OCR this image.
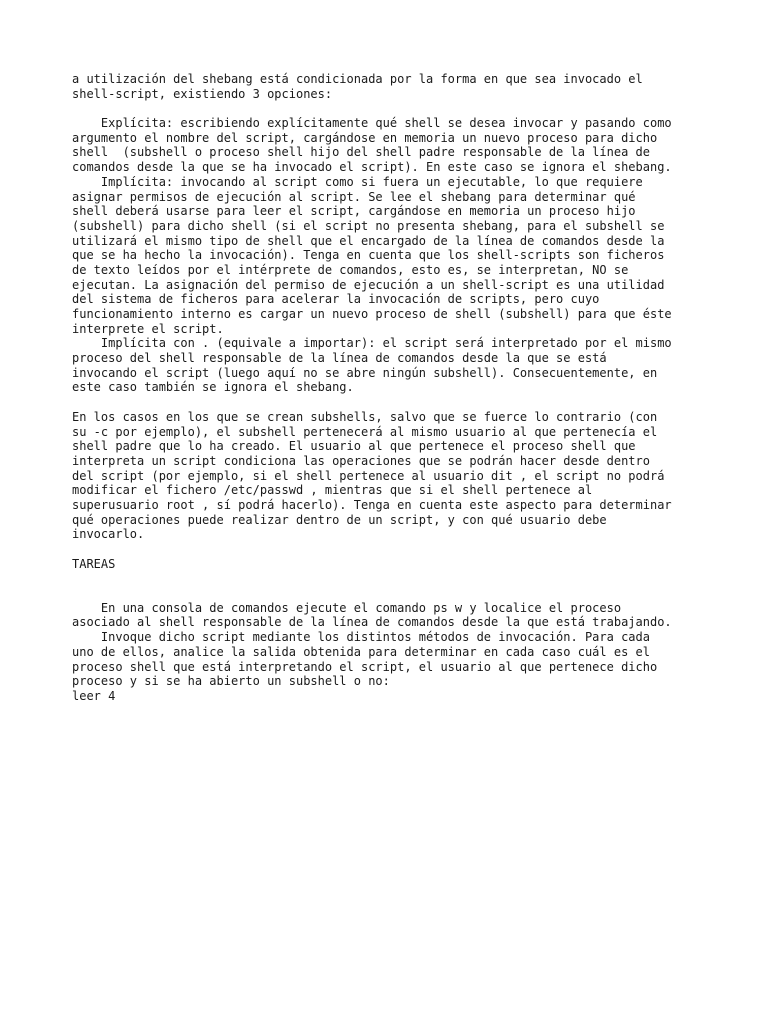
a utilización del shebang está condicionada por la forma en que sea invocado el
shell-script, existiendo 3 opciones:
Explícita: escribiendo explícitamente qué shell se desea invocar y pasando como
argumento el nombre del script, cargándose en memoria un nuevo proceso para dicho
shell  (subshell o proceso shell hijo del shell padre responsable de la línea de
comandos desde la que se ha invocado el script). En este caso se ignora el shebang.
Implícita: invocando al script como si fuera un ejecutable, lo que requiere
asignar permisos de ejecución al script. Se lee el shebang para determinar qué
shell deberá usarse para leer el script, cargándose en memoria un proceso hijo
(subshell) para dicho shell (si el script no presenta shebang, para el subshell se
utilizará el mismo tipo de shell que el encargado de la línea de comandos desde la
que se ha hecho la invocación). Tenga en cuenta que los shell-scripts son ficheros
de texto leídos por el intérprete de comandos, esto es, se interpretan, NO se
ejecutan. La asignación del permiso de ejecución a un shell-script es una utilidad
del sistema de ficheros para acelerar la invocación de scripts, pero cuyo
funcionamiento interno es cargar un nuevo proceso de shell (subshell) para que éste
interprete el script.
Implícita con . (equivale a importar): el script será interpretado por el mismo
proceso del shell responsable de la línea de comandos desde la que se está
invocando el script (luego aquí no se abre ningún subshell). Consecuentemente, en
este caso también se ignora el shebang.
En los casos en los que se crean subshells, salvo que se fuerce lo contrario (con
su -c por ejemplo), el subshell pertenecerá al mismo usuario al que pertenecía el
shell padre que lo ha creado. El usuario al que pertenece el proceso shell que
interpreta un script condiciona las operaciones que se podrán hacer desde dentro
del script (por ejemplo, si el shell pertenece al usuario dit , el script no podrá
modificar el fichero /etc/passwd , mientras que si el shell pertenece al
superusuario root , sí podrá hacerlo). Tenga en cuenta este aspecto para determinar
qué operaciones puede realizar dentro de un script, y con qué usuario debe
invocarlo.
TAREAS
En una consola de comandos ejecute el comando ps w y localice el proceso
asociado al shell responsable de la línea de comandos desde la que está trabajando.
Invoque dicho script mediante los distintos métodos de invocación. Para cada
uno de ellos, analice la salida obtenida para determinar en cada caso cuál es el
proceso shell que está interpretando el script, el usuario al que pertenece dicho
proceso y si se ha abierto un subshell o no:
leer 4
